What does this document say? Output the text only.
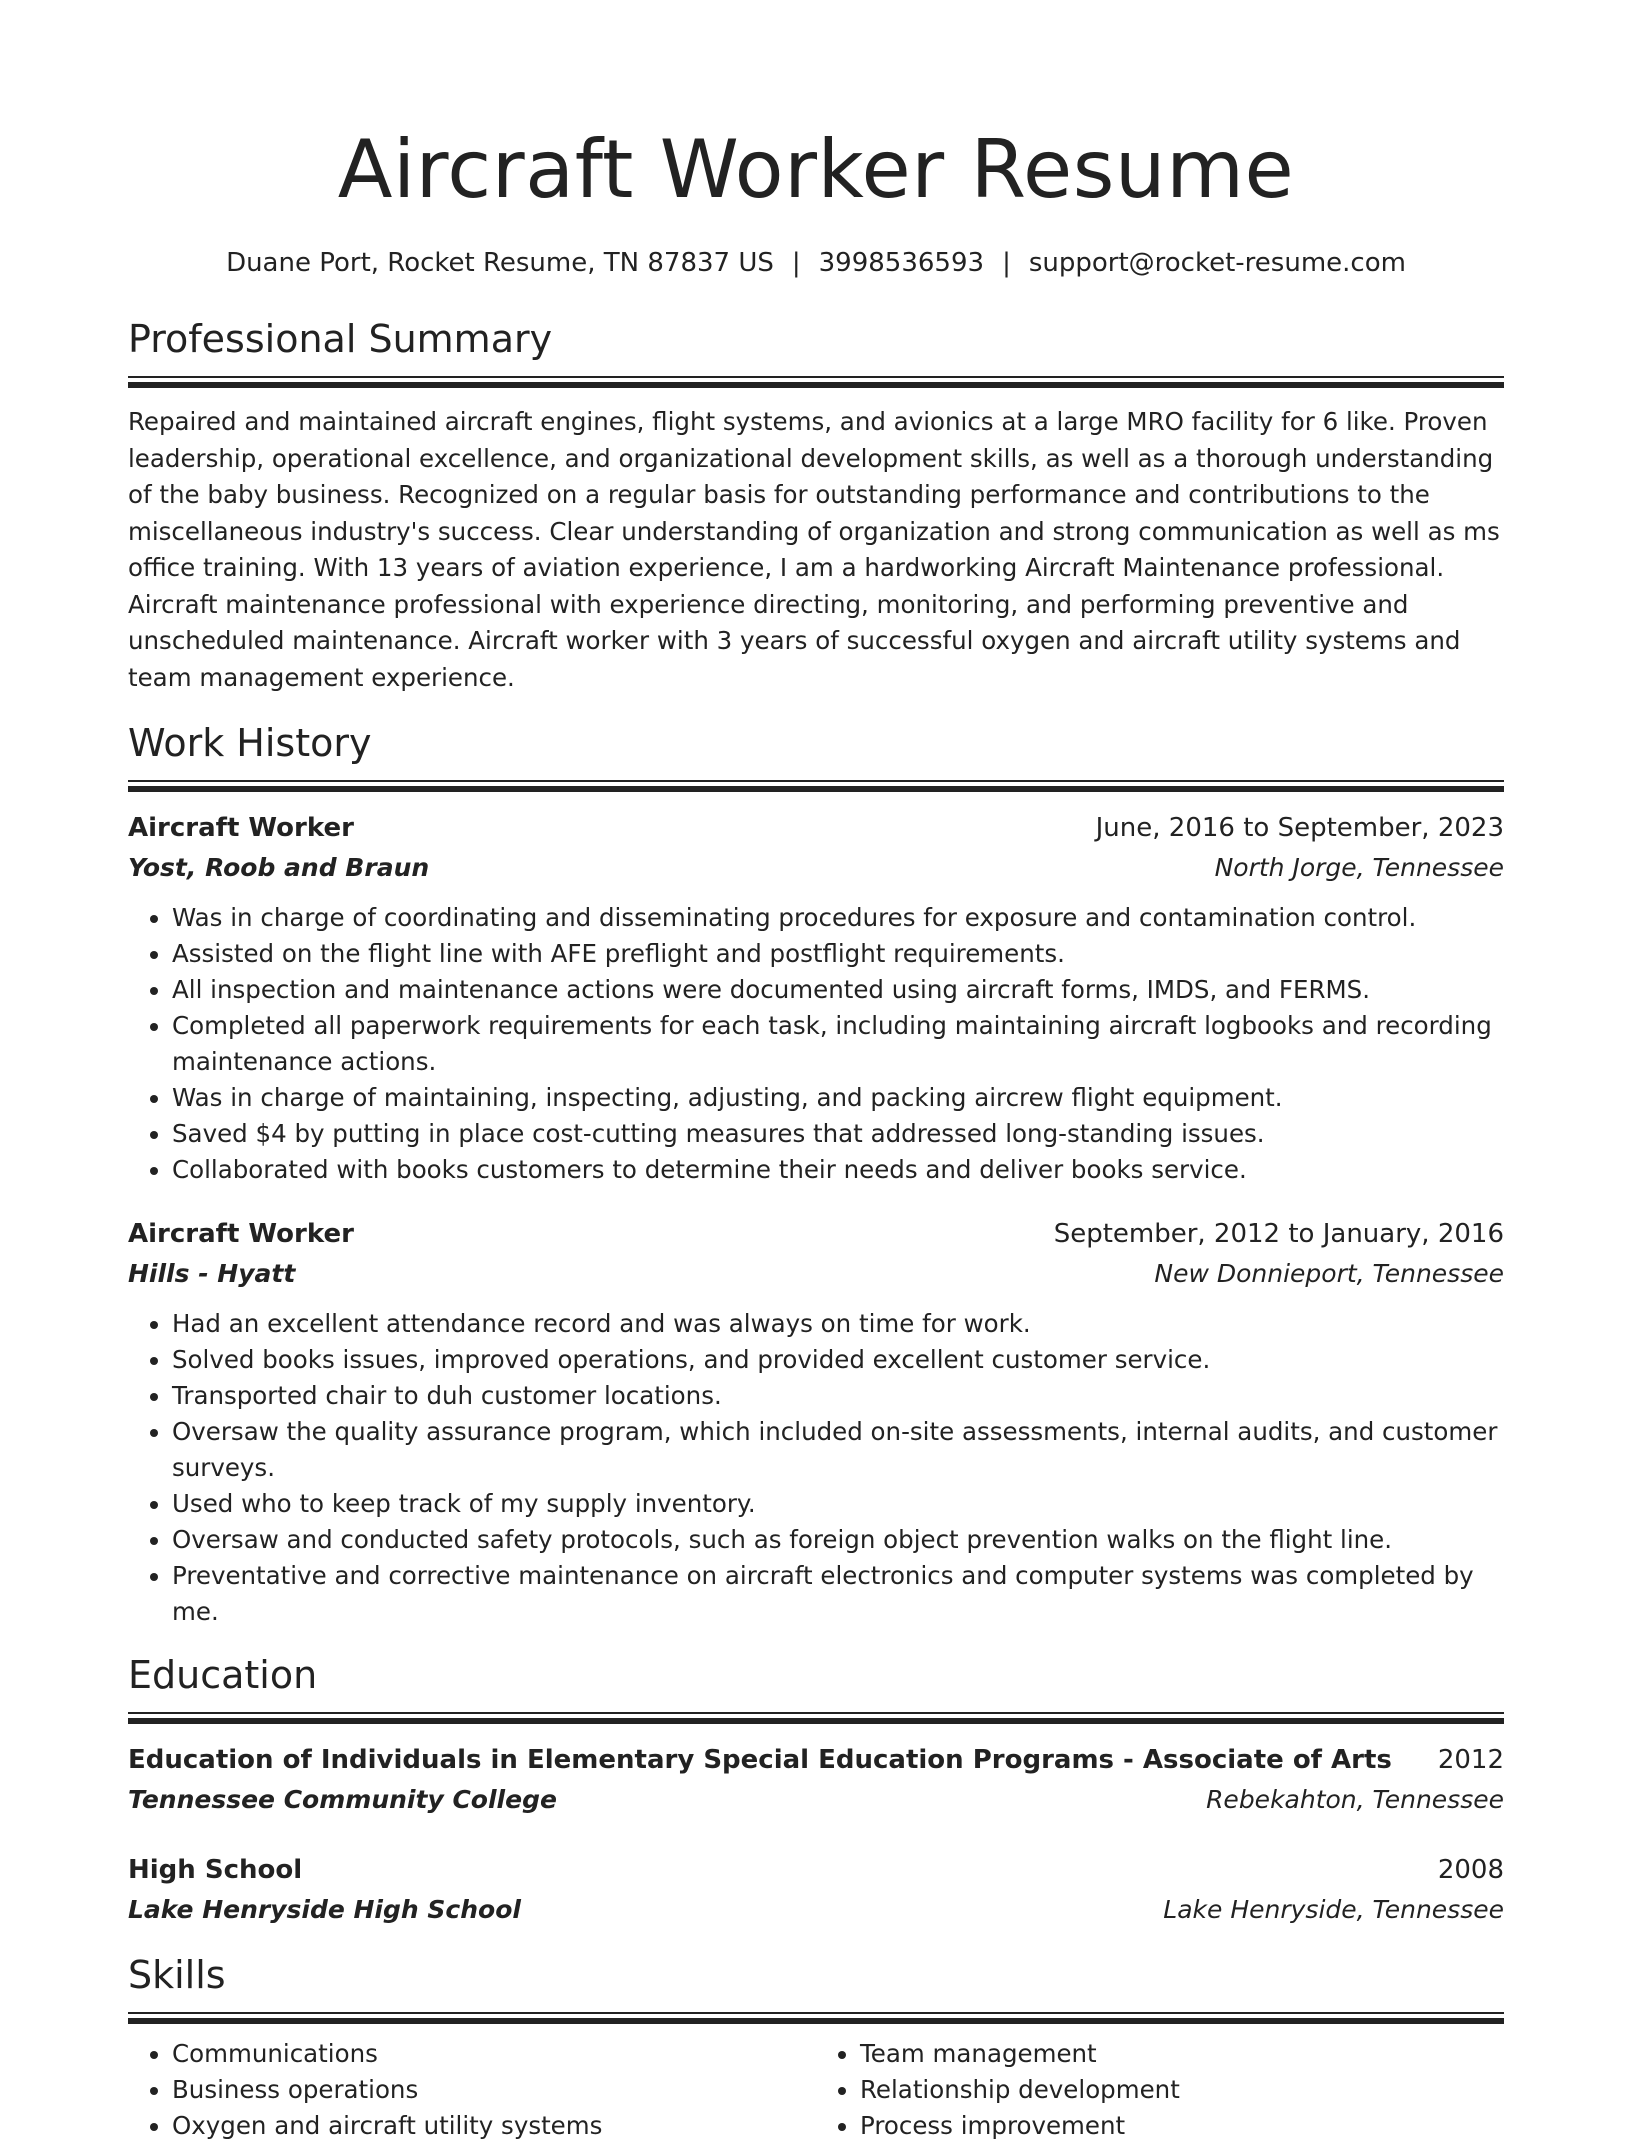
Aircraft Worker Resume
Duane Port, Rocket Resume, TN 87837 US | 3998536593 | support@rocket-resume.com
Professional Summary

Repaired and maintained aircraft engines, flight systems, and avionics at a large MRO facility for 6 like. Proven leadership, operational excellence, and organizational development skills, as well as a thorough understanding of the baby business. Recognized on a regular basis for outstanding performance and contributions to the miscellaneous industry's success. Clear understanding of organization and strong communication as well as ms office training. With 13 years of aviation experience, I am a hardworking Aircraft Maintenance professional. Aircraft maintenance professional with experience directing, monitoring, and performing preventive and unscheduled maintenance. Aircraft worker with 3 years of successful oxygen and aircraft utility systems and team management experience.

Work History
Aircraft Worker	June, 2016 to September, 2023
Yost, Roob and Braun	North Jorge, Tennessee
• Was in charge of coordinating and disseminating procedures for exposure and contamination control.
• Assisted on the flight line with AFE preflight and postflight requirements.
• All inspection and maintenance actions were documented using aircraft forms, IMDS, and FERMS.
• Completed all paperwork requirements for each task, including maintaining aircraft logbooks and recording maintenance actions.
• Was in charge of maintaining, inspecting, adjusting, and packing aircrew flight equipment.
• Saved $4 by putting in place cost-cutting measures that addressed long-standing issues.
• Collaborated with books customers to determine their needs and deliver books service.
Aircraft Worker	September, 2012 to January, 2016
Hills - Hyatt	New Donnieport, Tennessee
• Had an excellent attendance record and was always on time for work.
• Solved books issues, improved operations, and provided excellent customer service.
• Transported chair to duh customer locations.
• Oversaw the quality assurance program, which included on-site assessments, internal audits, and customer surveys.
• Used who to keep track of my supply inventory.
• Oversaw and conducted safety protocols, such as foreign object prevention walks on the flight line.
• Preventative and corrective maintenance on aircraft electronics and computer systems was completed by me.
Education
Education of Individuals in Elementary Special Education Programs - Associate of Arts 2012
Tennessee Community College	Rebekahton, Tennessee
High School	2008
Lake Henryside High School	Lake Henryside, Tennessee
Skills
• Communications
• Business operations
• Oxygen and aircraft utility systems
• Team management
• Relationship development
• Process improvement
